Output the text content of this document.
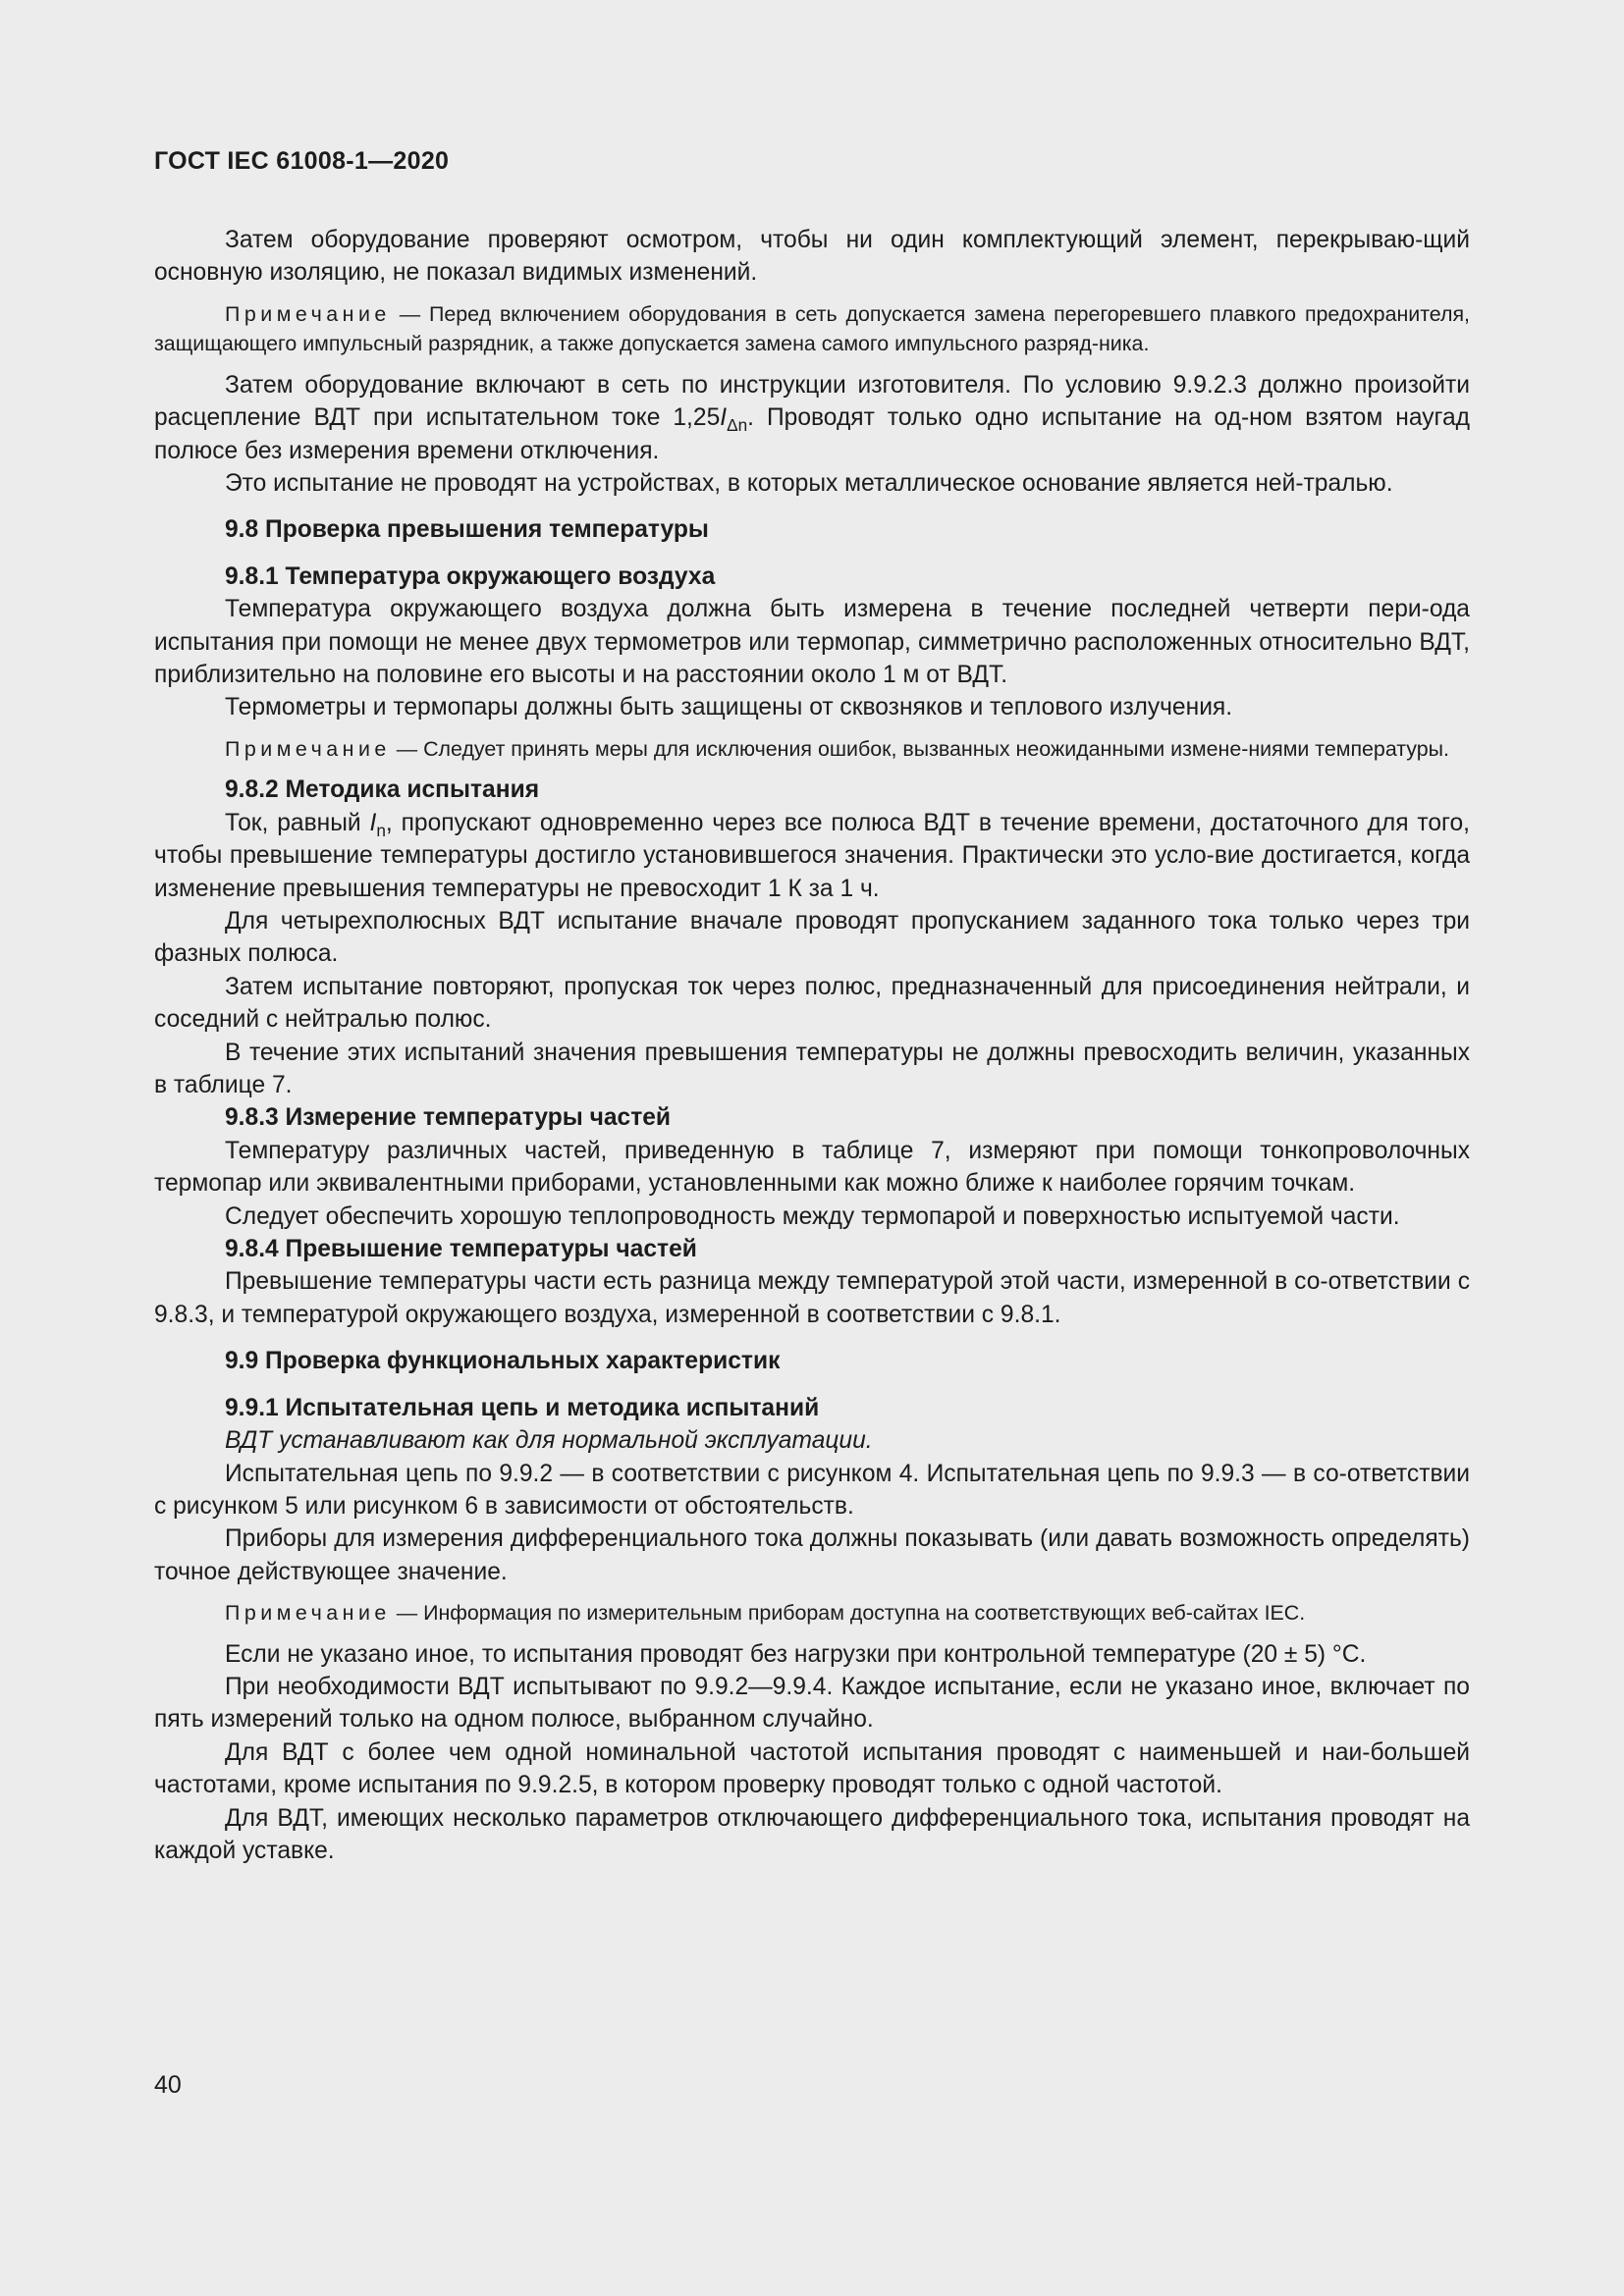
ГОСТ IEC 61008-1—2020

Затем оборудование проверяют осмотром, чтобы ни один комплектующий элемент, перекрываю-щий основную изоляцию, не показал видимых изменений.

Примечание — Перед включением оборудования в сеть допускается замена перегоревшего плавкого предохранителя, защищающего импульсный разрядник, а также допускается замена самого импульсного разряд-ника.

Затем оборудование включают в сеть по инструкции изготовителя. По условию 9.9.2.3 должно произойти расцепление ВДТ при испытательном токе $1,25I_{\Delta n}$. Проводят только одно испытание на од-ном взятом наугад полюсе без измерения времени отключения.

Это испытание не проводят на устройствах, в которых металлическое основание является ней-тралью.

9.8 Проверка превышения температуры

9.8.1 Температура окружающего воздуха

Температура окружающего воздуха должна быть измерена в течение последней четверти пери-ода испытания при помощи не менее двух термометров или термопар, симметрично расположенных относительно ВДТ, приблизительно на половине его высоты и на расстоянии около 1 м от ВДТ.

Термометры и термопары должны быть защищены от сквозняков и теплового излучения.

Примечание — Следует принять меры для исключения ошибок, вызванных неожиданными измене-ниями температуры.

9.8.2 Методика испытания

Ток, равный $I_n$, пропускают одновременно через все полюса ВДТ в течение времени, достаточного для того, чтобы превышение температуры достигло установившегося значения. Практически это усло-вие достигается, когда изменение превышения температуры не превосходит 1 К за 1 ч.

Для четырехполюсных ВДТ испытание вначале проводят пропусканием заданного тока только через три фазных полюса.

Затем испытание повторяют, пропуская ток через полюс, предназначенный для присоединения нейтрали, и соседний с нейтралью полюс.

В течение этих испытаний значения превышения температуры не должны превосходить величин, указанных в таблице 7.

9.8.3 Измерение температуры частей

Температуру различных частей, приведенную в таблице 7, измеряют при помощи тонкопроволочных термопар или эквивалентными приборами, установленными как можно ближе к наиболее горячим точкам.

Следует обеспечить хорошую теплопроводность между термопарой и поверхностью испытуемой части.

9.8.4 Превышение температуры частей

Превышение температуры части есть разница между температурой этой части, измеренной в со-ответствии с 9.8.3, и температурой окружающего воздуха, измеренной в соответствии с 9.8.1.

9.9 Проверка функциональных характеристик

9.9.1 Испытательная цепь и методика испытаний

ВДТ устанавливают как для нормальной эксплуатации.

Испытательная цепь по 9.9.2 — в соответствии с рисунком 4. Испытательная цепь по 9.9.3 — в со-ответствии с рисунком 5 или рисунком 6 в зависимости от обстоятельств.

Приборы для измерения дифференциального тока должны показывать (или давать возможность определять) точное действующее значение.

Примечание — Информация по измерительным приборам доступна на соответствующих веб-сайтах IEC.

Если не указано иное, то испытания проводят без нагрузки при контрольной температуре (20 ± 5) °С.

При необходимости ВДТ испытывают по 9.9.2—9.9.4. Каждое испытание, если не указано иное, включает по пять измерений только на одном полюсе, выбранном случайно.

Для ВДТ с более чем одной номинальной частотой испытания проводят с наименьшей и наи-большей частотами, кроме испытания по 9.9.2.5, в котором проверку проводят только с одной частотой.

Для ВДТ, имеющих несколько параметров отключающего дифференциального тока, испытания проводят на каждой уставке.

40
